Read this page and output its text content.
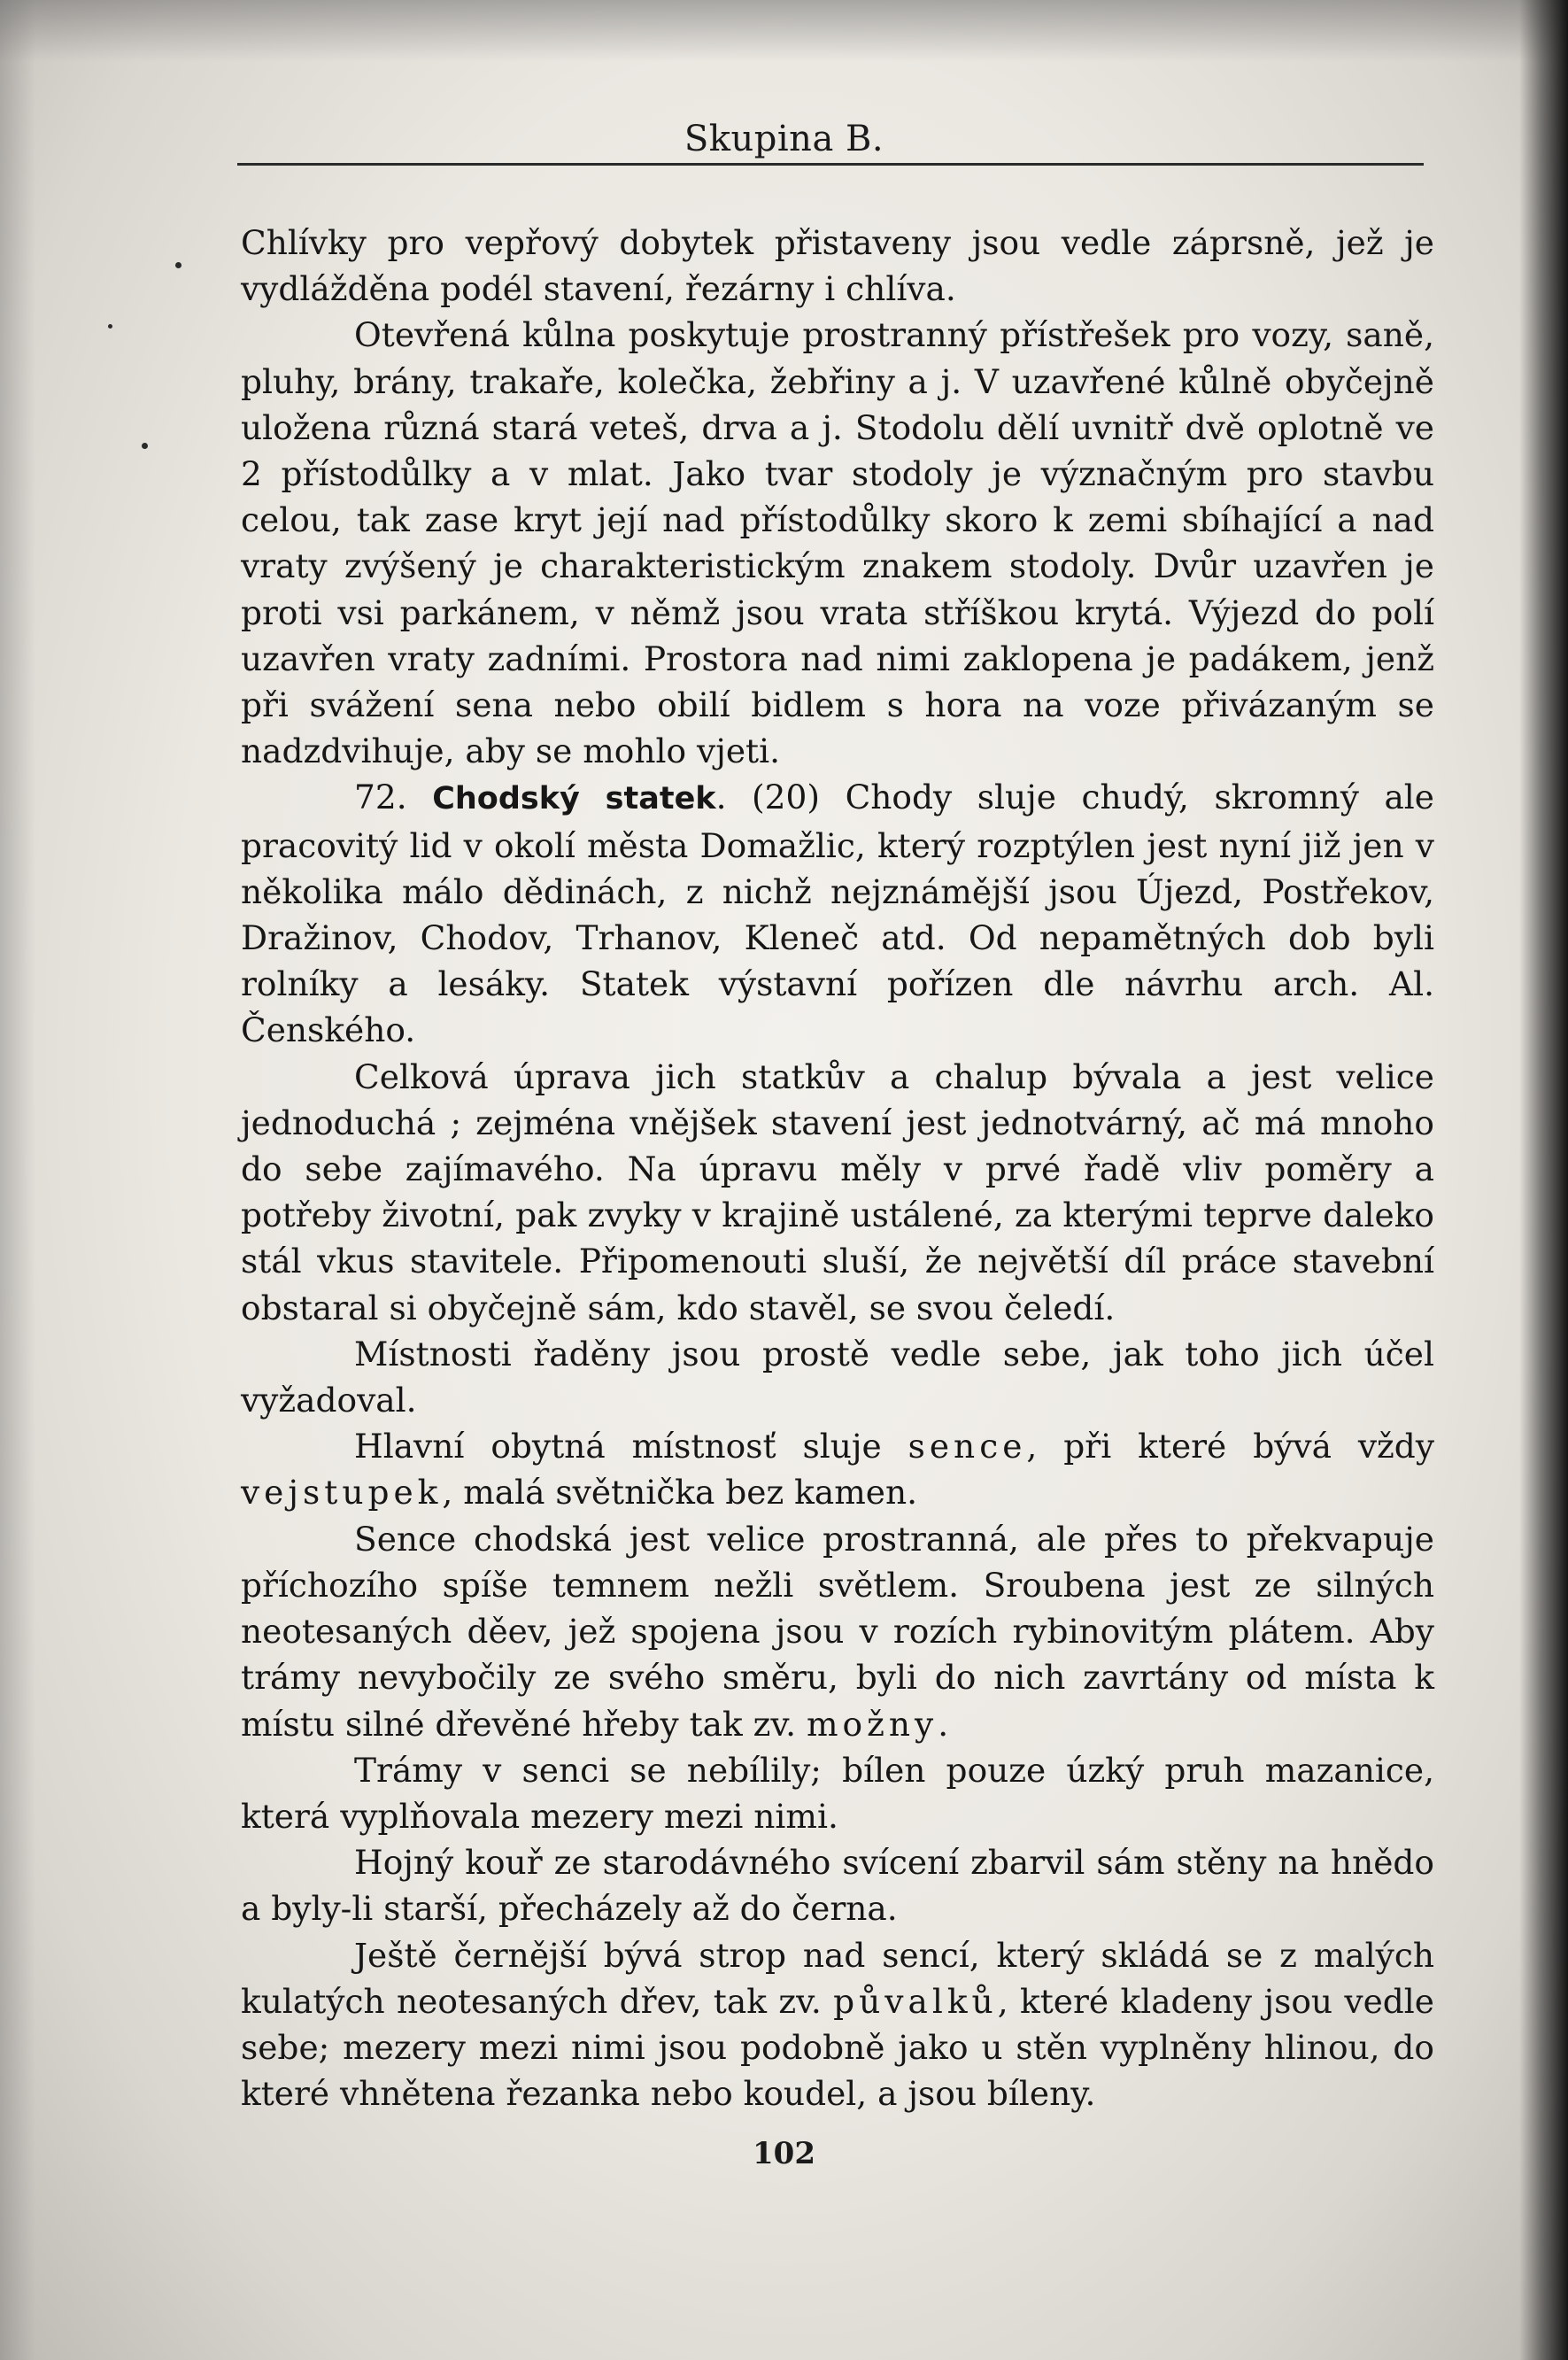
Skupina B.

Chlívky pro vepřový dobytek přistaveny jsou vedle záprsně, jež je vydlážděna podél stavení, řezárny i chlíva.

Otevřená kůlna poskytuje prostranný přístřešek pro vozy, saně, pluhy, brány, trakaře, kolečka, žebřiny a j. V uzavřené kůlně obyčejně uložena různá stará veteš, drva a j. Stodolu dělí uvnitř dvě oplotně ve 2 přístodůlky a v mlat. Jako tvar stodoly je význačným pro stavbu celou, tak zase kryt její nad přístodůlky skoro k zemi sbíhající a nad vraty zvýšený je charakteristickým znakem stodoly. Dvůr uzavřen je proti vsi parkánem, v němž jsou vrata stříškou krytá. Výjezd do polí uzavřen vraty zadními. Prostora nad nimi zaklopena je padákem, jenž při svážení sena nebo obilí bidlem s hora na voze přivázaným se nadzdvihuje, aby se mohlo vjeti.

72. Chodský statek. (20) Chody sluje chudý, skromný ale pracovitý lid v okolí města Domažlic, který rozptýlen jest nyní již jen v několika málo dědinách, z nichž nejznámější jsou Újezd, Postřekov, Dražinov, Chodov, Trhanov, Kleneč atd. Od nepamětných dob byli rolníky a lesáky. Statek výstavní pořízen dle návrhu arch. Al. Čenského.

Celková úprava jich statkův a chalup bývala a jest velice jednoduchá ; zejména vnějšek stavení jest jednotvárný, ač má mnoho do sebe zajímavého. Na úpravu měly v prvé řadě vliv poměry a potřeby životní, pak zvyky v krajině ustálené, za kterými teprve daleko stál vkus stavitele. Připomenouti sluší, že největší díl práce stavební obstaral si obyčejně sám, kdo stavěl, se svou čeledí.

Místnosti řaděny jsou prostě vedle sebe, jak toho jich účel vyžadoval.

Hlavní obytná místnosť sluje sence, při které bývá vždy vejstupek, malá světnička bez kamen.

Sence chodská jest velice prostranná, ale přes to překvapuje příchozího spíše temnem nežli světlem. Sroubena jest ze silných neotesaných děev, jež spojena jsou v rozích rybinovitým plátem. Aby trámy nevybočily ze svého směru, byli do nich zavrtány od místa k místu silné dřevěné hřeby tak zv. možny.

Trámy v senci se nebílily; bílen pouze úzký pruh mazanice, která vyplňovala mezery mezi nimi.

Hojný kouř ze starodávného svícení zbarvil sám stěny na hnědo a byly-li starší, přecházely až do černa.

Ještě černější bývá strop nad sencí, který skládá se z malých kulatých neotesaných dřev, tak zv. půvalků, které kladeny jsou vedle sebe; mezery mezi nimi jsou podobně jako u stěn vyplněny hlinou, do které vhnětena řezanka nebo koudel, a jsou bíleny.

102
